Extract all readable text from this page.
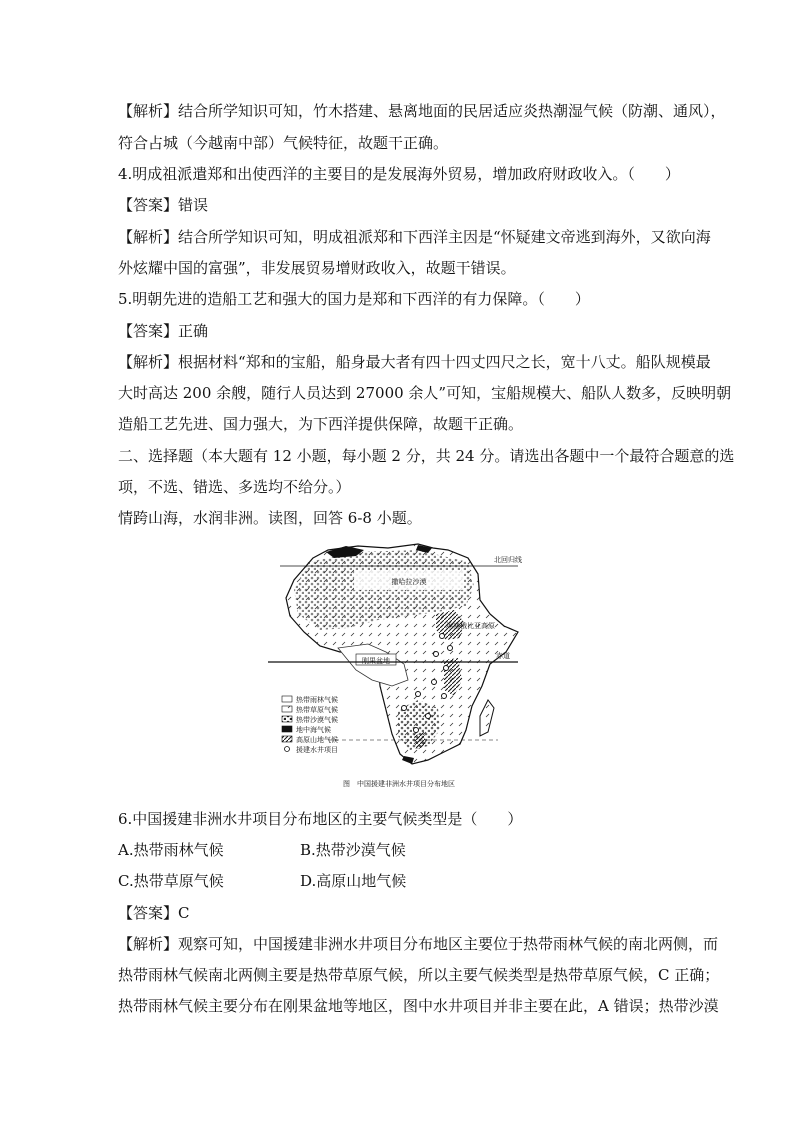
【解析】结合所学知识可知，竹木搭建、悬离地面的民居适应炎热潮湿气候（防潮、通风），
符合占城（今越南中部）气候特征，故题干正确。
4.明成祖派遣郑和出使西洋的主要目的是发展海外贸易，增加政府财政收入。（　　）
【答案】错误
【解析】结合所学知识可知，明成祖派郑和下西洋主因是“怀疑建文帝逃到海外，又欲向海
外炫耀中国的富强”，非发展贸易增财政收入，故题干错误。
5.明朝先进的造船工艺和强大的国力是郑和下西洋的有力保障。（　　）
【答案】正确
【解析】根据材料“郑和的宝船，船身最大者有四十四丈四尺之长，宽十八丈。船队规模最
大时高达 200 余艘，随行人员达到 27000 余人”可知，宝船规模大、船队人数多，反映明朝
造船工艺先进、国力强大，为下西洋提供保障，故题干正确。
二、选择题（本大题有 12 小题，每小题 2 分，共 24 分。请选出各题中一个最符合题意的选
项，不选、错选、多选均不给分。）
情跨山海，水润非洲。读图，回答 6-8 小题。
撒哈拉沙漠
刚果盆地
埃塞俄比亚高原
北回归线
赤道
热带雨林气候
热带草原气候
热带沙漠气候
地中海气候
高原山地气候
援建水井项目
图　中国援建非洲水井项目分布地区
6.中国援建非洲水井项目分布地区的主要气候类型是（　　）
A.热带雨林气候	B.热带沙漠气候
C.热带草原气候	D.高原山地气候
【答案】C
【解析】观察可知，中国援建非洲水井项目分布地区主要位于热带雨林气候的南北两侧，而
热带雨林气候南北两侧主要是热带草原气候，所以主要气候类型是热带草原气候，C 正确；
热带雨林气候主要分布在刚果盆地等地区，图中水井项目并非主要在此，A 错误；热带沙漠
